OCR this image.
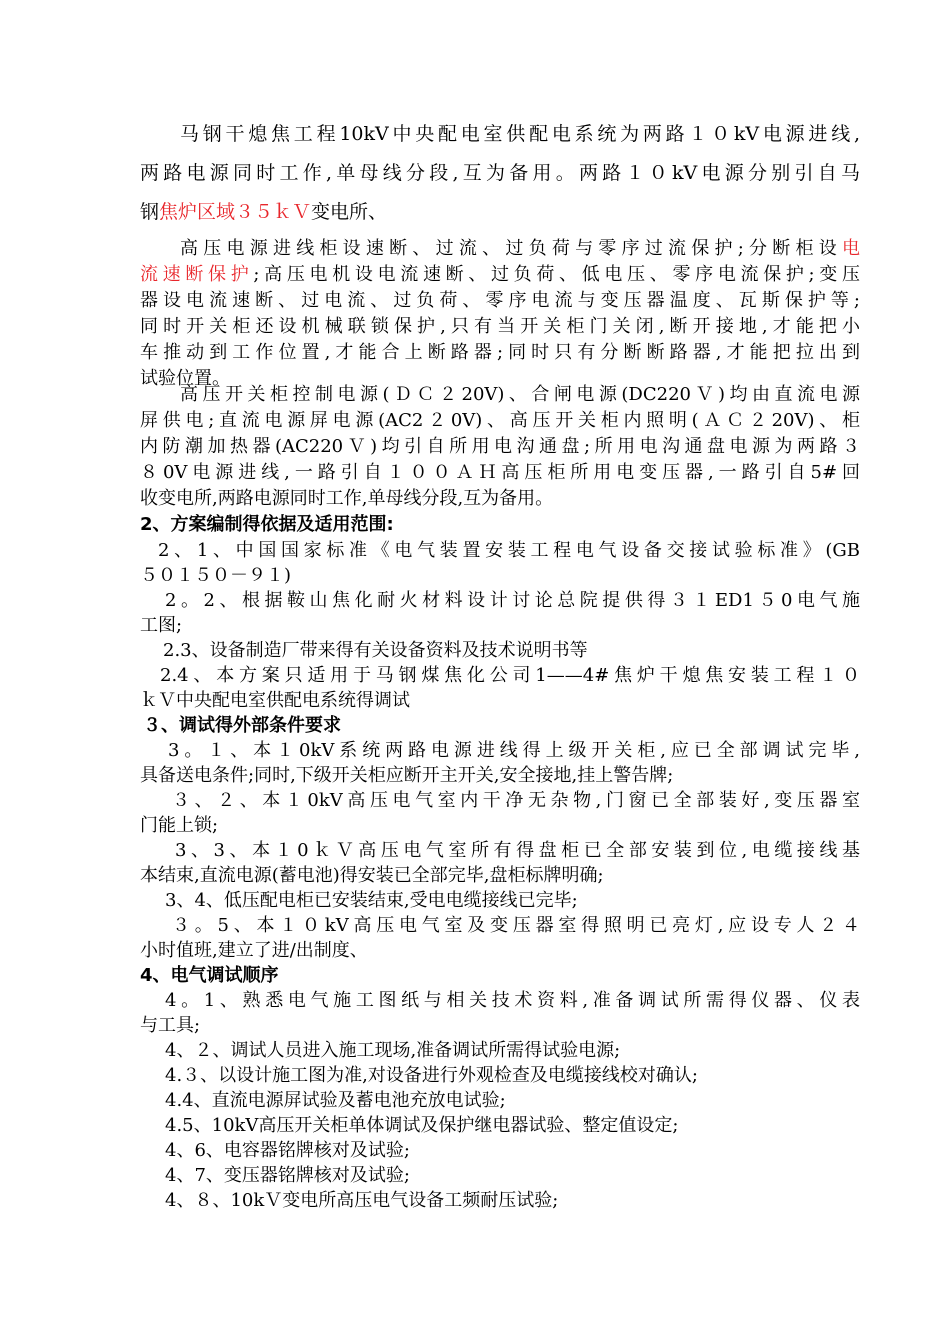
马钢干熄焦工程10kV中央配电室供配电系统为两路１０kV电源进线,
两路电源同时工作,单母线分段,互为备用。两路１０kV电源分别引自马
钢焦炉区域３５ｋＶ变电所、
高压电源进线柜设速断、过流、过负荷与零序过流保护;分断柜设电
流速断保护;高压电机设电流速断、过负荷、低电压、零序电流保护;变压
器设电流速断、过电流、过负荷、零序电流与变压器温度、瓦斯保护等;
同时开关柜还设机械联锁保护,只有当开关柜门关闭,断开接地,才能把小
车推动到工作位置,才能合上断路器;同时只有分断断路器,才能把拉出到
试验位置。
高压开关柜控制电源(ＤＣ２20V)、合闸电源(DC220Ｖ)均由直流电源
屏供电;直流电源屏电源(AC2２0V)、高压开关柜内照明(ＡＣ２20V)、柜
内防潮加热器(AC220Ｖ)均引自所用电沟通盘;所用电沟通盘电源为两路３
８0V电源进线,一路引自１００ＡＨ高压柜所用电变压器,一路引自5#回
收变电所,两路电源同时工作,单母线分段,互为备用。
2、方案编制得依据及适用范围:
2、1、中国国家标准《电气装置安装工程电气设备交接试验标准》(GB
５０１５０－９１)
2。2、根据鞍山焦化耐火材料设计讨论总院提供得３１ED1５0电气施
工图;
2.3、设备制造厂带来得有关设备资料及技术说明书等
2.4、本方案只适用于马钢煤焦化公司1——4#焦炉干熄焦安装工程１０
ｋＶ中央配电室供配电系统得调试
３、调试得外部条件要求
3。１、本１0kV系统两路电源进线得上级开关柜,应已全部调试完毕,
具备送电条件;同时,下级开关柜应断开主开关,安全接地,挂上警告牌;
３、２、本１0kV高压电气室内干净无杂物,门窗已全部装好,变压器室
门能上锁;
3、3、本１0ｋＶ高压电气室所有得盘柜已全部安装到位,电缆接线基
本结束,直流电源(蓄电池)得安装已全部完毕,盘柜标牌明确;
3、4、低压配电柜已安装结束,受电电缆接线已完毕;
３。5、本１０kV高压电气室及变压器室得照明已亮灯,应设专人２４
小时值班,建立了进/出制度、
4、电气调试顺序
4。1、熟悉电气施工图纸与相关技术资料,准备调试所需得仪器、仪表
与工具;
4、２、调试人员进入施工现场,准备调试所需得试验电源;
4.３、以设计施工图为准,对设备进行外观检查及电缆接线校对确认;
4.4、直流电源屏试验及蓄电池充放电试验;
4.5、10kV高压开关柜单体调试及保护继电器试验、整定值设定;
4、6、电容器铭牌核对及试验;
4、7、变压器铭牌核对及试验;
4、８、10kＶ变电所高压电气设备工频耐压试验;
